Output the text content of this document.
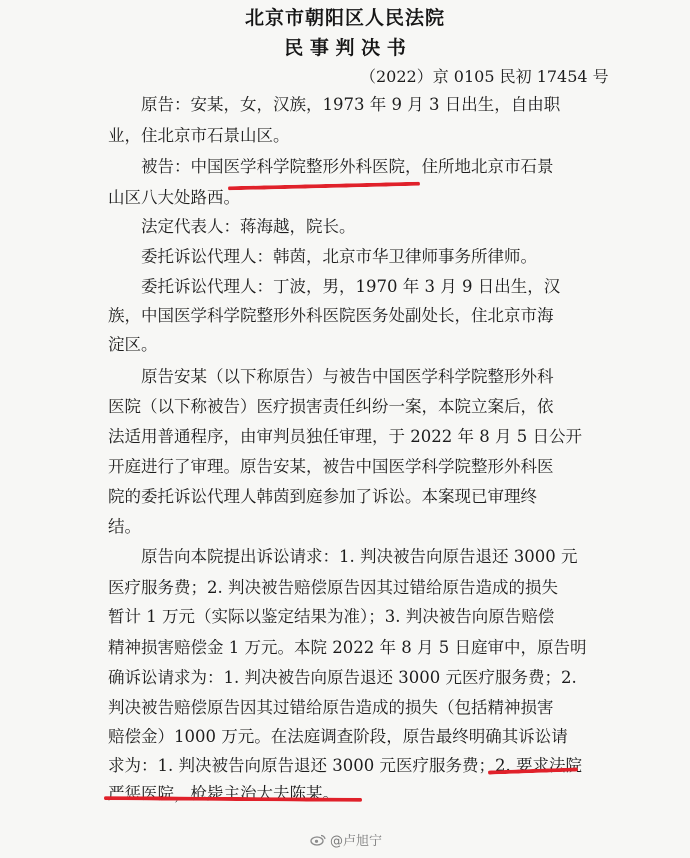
北京市朝阳区人民法院
民 事 判 决 书
（2022）京 0105 民初 17454 号
原告：安某，女，汉族，1973 年 9 月 3 日出生，自由职
业，住北京市石景山区。
被告：中国医学科学院整形外科医院，住所地北京市石景
山区八大处路西。
法定代表人：蒋海越，院长。
委托诉讼代理人：韩茵，北京市华卫律师事务所律师。
委托诉讼代理人：丁波，男，1970 年 3 月 9 日出生，汉
族，中国医学科学院整形外科医院医务处副处长，住北京市海
淀区。
原告安某（以下称原告）与被告中国医学科学院整形外科
医院（以下称被告）医疗损害责任纠纷一案，本院立案后，依
法适用普通程序，由审判员独任审理，于 2022 年 8 月 5 日公开
开庭进行了审理。原告安某，被告中国医学科学院整形外科医
院的委托诉讼代理人韩茵到庭参加了诉讼。本案现已审理终
结。
原告向本院提出诉讼请求：1. 判决被告向原告退还 3000 元
医疗服务费；2. 判决被告赔偿原告因其过错给原告造成的损失
暂计 1 万元（实际以鉴定结果为准）；3. 判决被告向原告赔偿
精神损害赔偿金 1 万元。本院 2022 年 8 月 5 日庭审中，原告明
确诉讼请求为：1. 判决被告向原告退还 3000 元医疗服务费；2.
判决被告赔偿原告因其过错给原告造成的损失（包括精神损害
赔偿金）1000 万元。在法庭调查阶段，原告最终明确其诉讼请
求为：1. 判决被告向原告退还 3000 元医疗服务费；2. 要求法院
严惩医院，枪毙主治大夫陈某。
@卢旭宁
